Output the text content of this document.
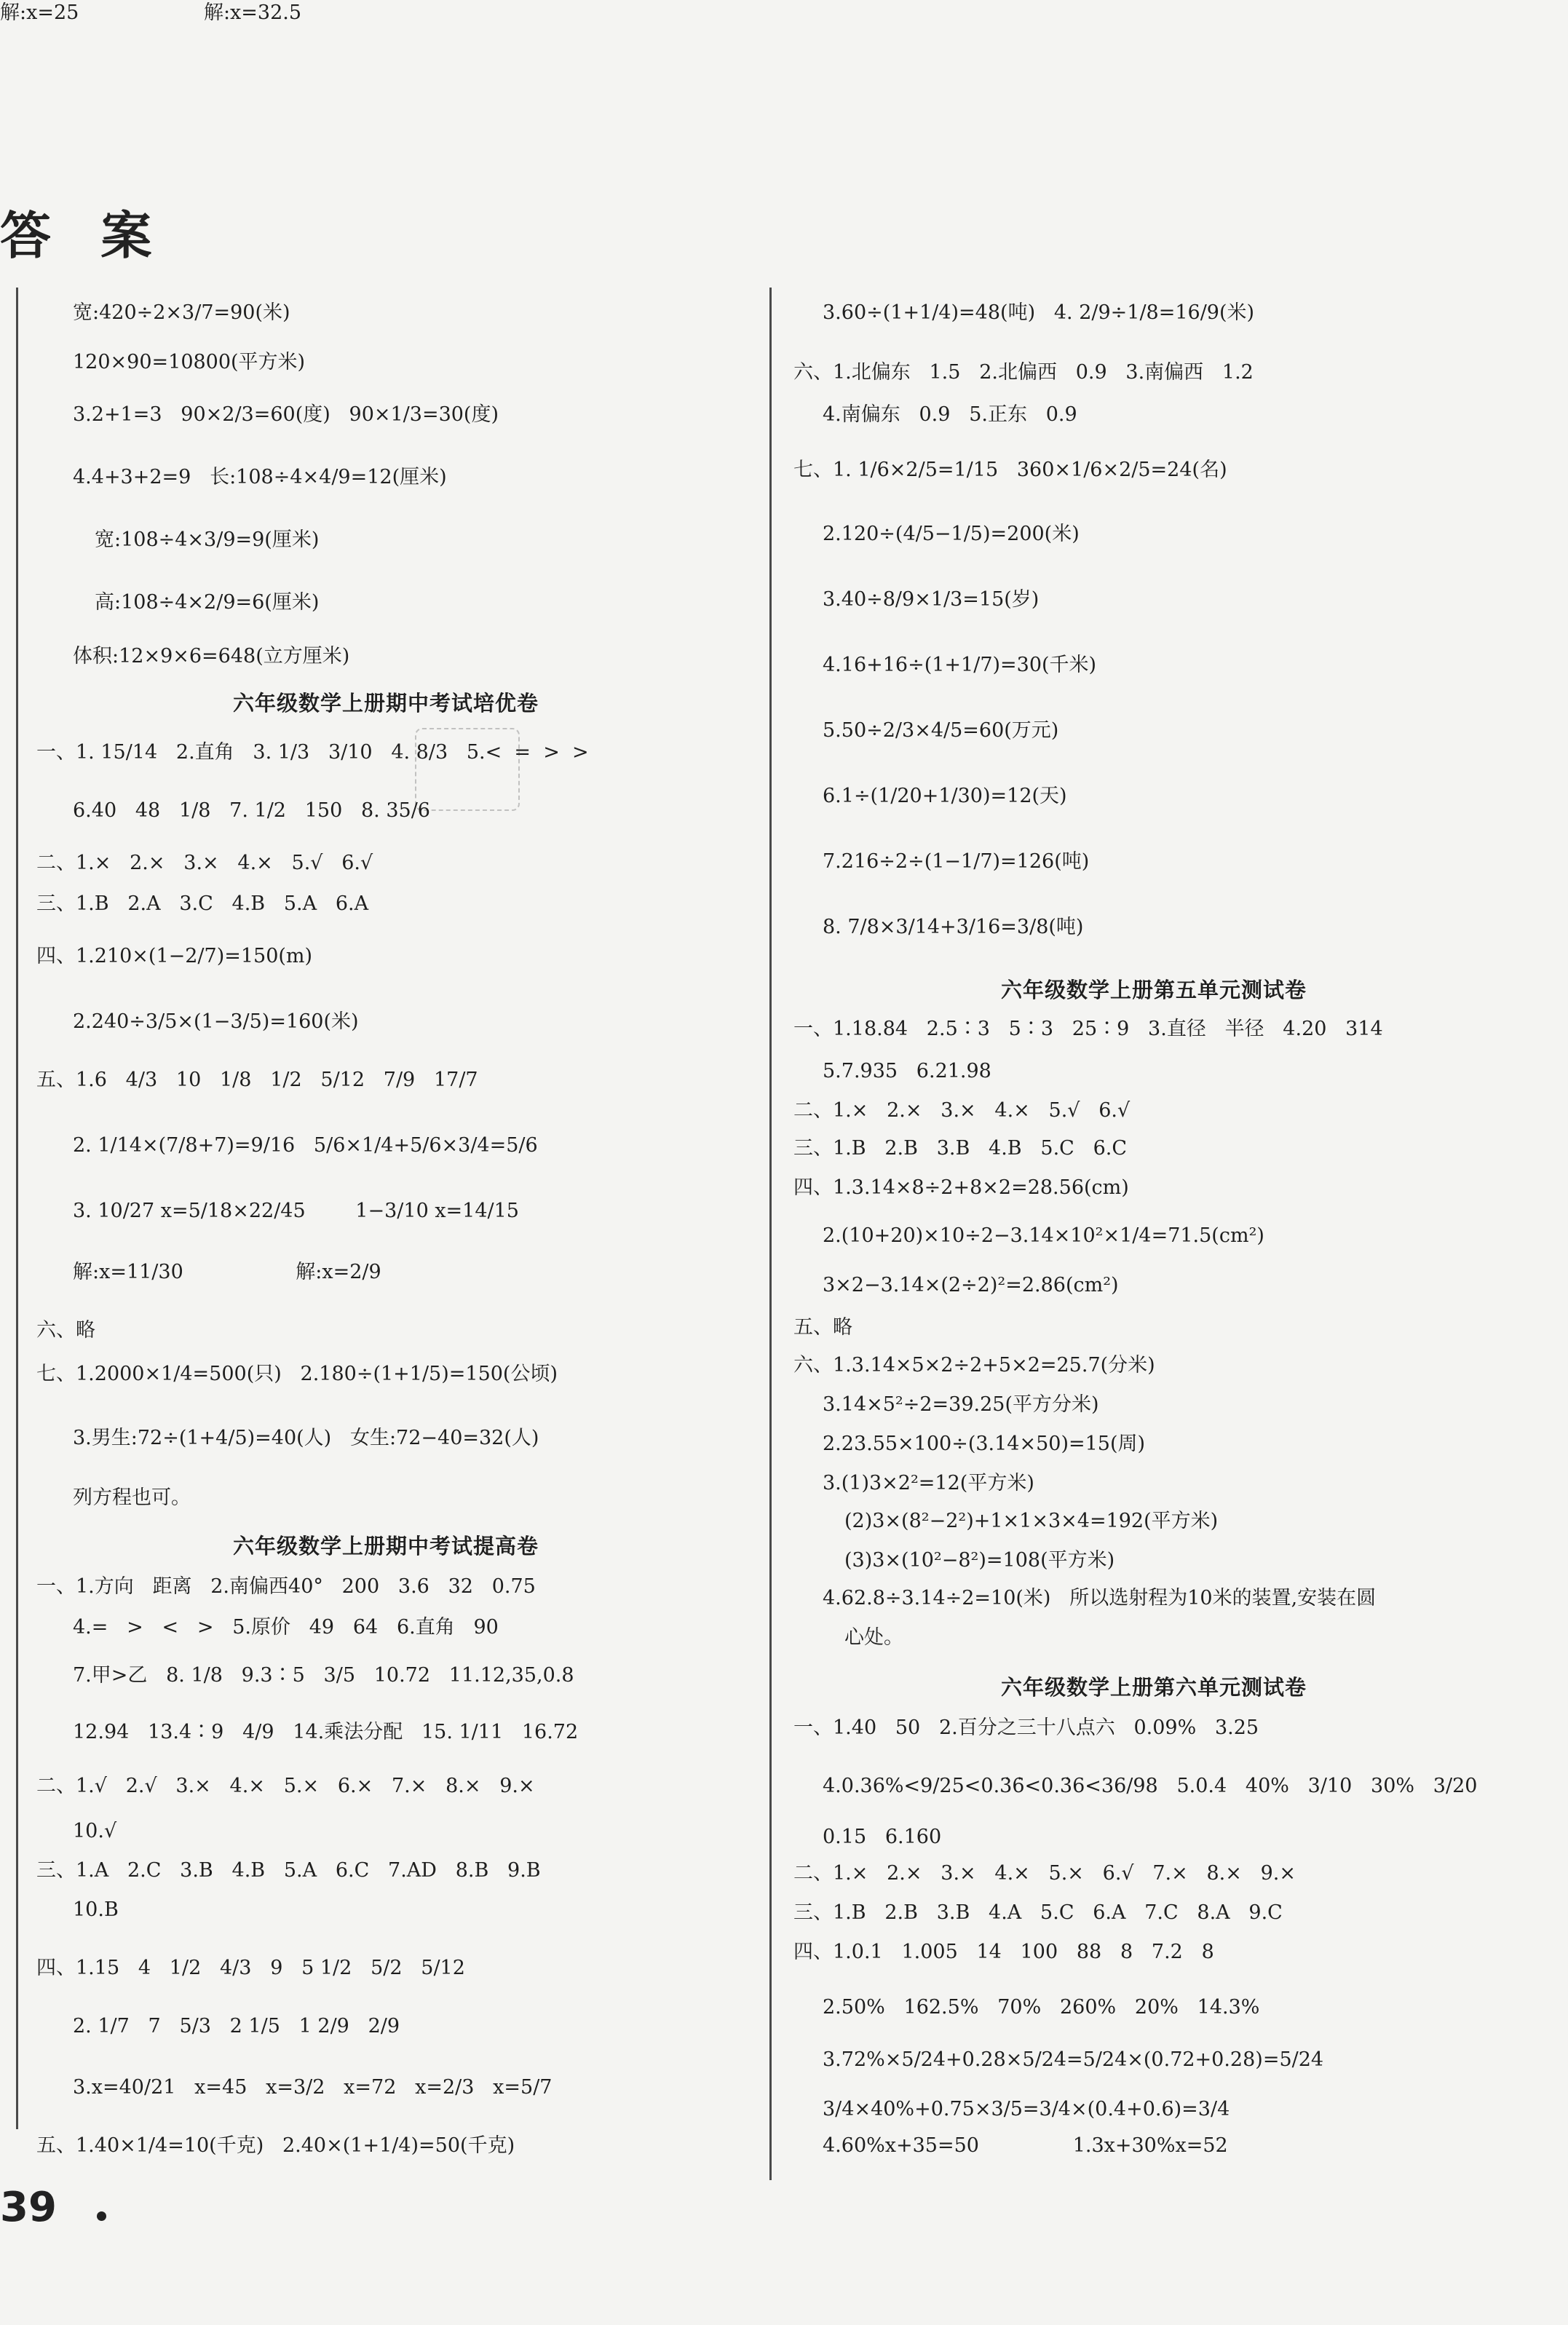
答 案
宽:420÷2×3/7=90(米)
120×90=10800(平方米)
3.2+1=3   90×2/3=60(度)   90×1/3=30(度)
4.4+3+2=9   长:108÷4×4/9=12(厘米)
宽:108÷4×3/9=9(厘米)
高:108÷4×2/9=6(厘米)
体积:12×9×6=648(立方厘米)
六年级数学上册期中考试培优卷
一、1. 15/14   2.直角   3. 1/3   3/10   4. 8/3   5.<  =  >  >
6.40   48   1/8   7. 1/2   150   8. 35/6
二、1.×   2.×   3.×   4.×   5.√   6.√
三、1.B   2.A   3.C   4.B   5.A   6.A
四、1.210×(1−2/7)=150(m)
2.240÷3/5×(1−3/5)=160(米)
五、1.6   4/3   10   1/8   1/2   5/12   7/9   17/7
2. 1/14×(7/8+7)=9/16   5/6×1/4+5/6×3/4=5/6
3. 10/27 x=5/18×22/45        1−3/10 x=14/15
解:x=11/30                  解:x=2/9
六、略
七、1.2000×1/4=500(只)   2.180÷(1+1/5)=150(公顷)
3.男生:72÷(1+4/5)=40(人)   女生:72−40=32(人)
列方程也可。
六年级数学上册期中考试提高卷
一、1.方向   距离   2.南偏西40°   200   3.6   32   0.75
4.=   >   <   >   5.原价   49   64   6.直角   90
7.甲>乙   8. 1/8   9.3∶5   3/5   10.72   11.12,35,0.8
12.94   13.4∶9   4/9   14.乘法分配   15. 1/11   16.72
二、1.√   2.√   3.×   4.×   5.×   6.×   7.×   8.×   9.×
10.√
三、1.A   2.C   3.B   4.B   5.A   6.C   7.AD   8.B   9.B
10.B
四、1.15   4   1/2   4/3   9   5 1/2   5/2   5/12
2. 1/7   7   5/3   2 1/5   1 2/9   2/9
3.x=40/21   x=45   x=3/2   x=72   x=2/3   x=5/7
五、1.40×1/4=10(千克)   2.40×(1+1/4)=50(千克)
3.60÷(1+1/4)=48(吨)   4. 2/9÷1/8=16/9(米)
六、1.北偏东   1.5   2.北偏西   0.9   3.南偏西   1.2
4.南偏东   0.9   5.正东   0.9
七、1. 1/6×2/5=1/15   360×1/6×2/5=24(名)
2.120÷(4/5−1/5)=200(米)
3.40÷8/9×1/3=15(岁)
4.16+16÷(1+1/7)=30(千米)
5.50÷2/3×4/5=60(万元)
6.1÷(1/20+1/30)=12(天)
7.216÷2÷(1−1/7)=126(吨)
8. 7/8×3/14+3/16=3/8(吨)
六年级数学上册第五单元测试卷
一、1.18.84   2.5∶3   5∶3   25∶9   3.直径   半径   4.20   314
5.7.935   6.21.98
二、1.×   2.×   3.×   4.×   5.√   6.√
三、1.B   2.B   3.B   4.B   5.C   6.C
四、1.3.14×8÷2+8×2=28.56(cm)
2.(10+20)×10÷2−3.14×10²×1/4=71.5(cm²)
3×2−3.14×(2÷2)²=2.86(cm²)
五、略
六、1.3.14×5×2÷2+5×2=25.7(分米)
3.14×5²÷2=39.25(平方分米)
2.23.55×100÷(3.14×50)=15(周)
3.(1)3×2²=12(平方米)
(2)3×(8²−2²)+1×1×3×4=192(平方米)
(3)3×(10²−8²)=108(平方米)
4.62.8÷3.14÷2=10(米)   所以选射程为10米的装置,安装在圆
心处。
六年级数学上册第六单元测试卷
一、1.40   50   2.百分之三十八点六   0.09%   3.25
4.0.36%<9/25<0.3̇6̇<0.3̇6<36/98   5.0.4   40%   3/10   30%   3/20
0.15   6.160
二、1.×   2.×   3.×   4.×   5.×   6.√   7.×   8.×   9.×
三、1.B   2.B   3.B   4.A   5.C   6.A   7.C   8.A   9.C
四、1.0.1   1.005   14   100   88   8   7.2   8
2.50%   162.5%   70%   260%   20%   14.3%
3.72%×5/24+0.28×5/24=5/24×(0.72+0.28)=5/24
3/4×40%+0.75×3/5=3/4×(0.4+0.6)=3/4
4.60%x+35=50               1.3x+30%x=52
解:x=25                    解:x=32.5
39
